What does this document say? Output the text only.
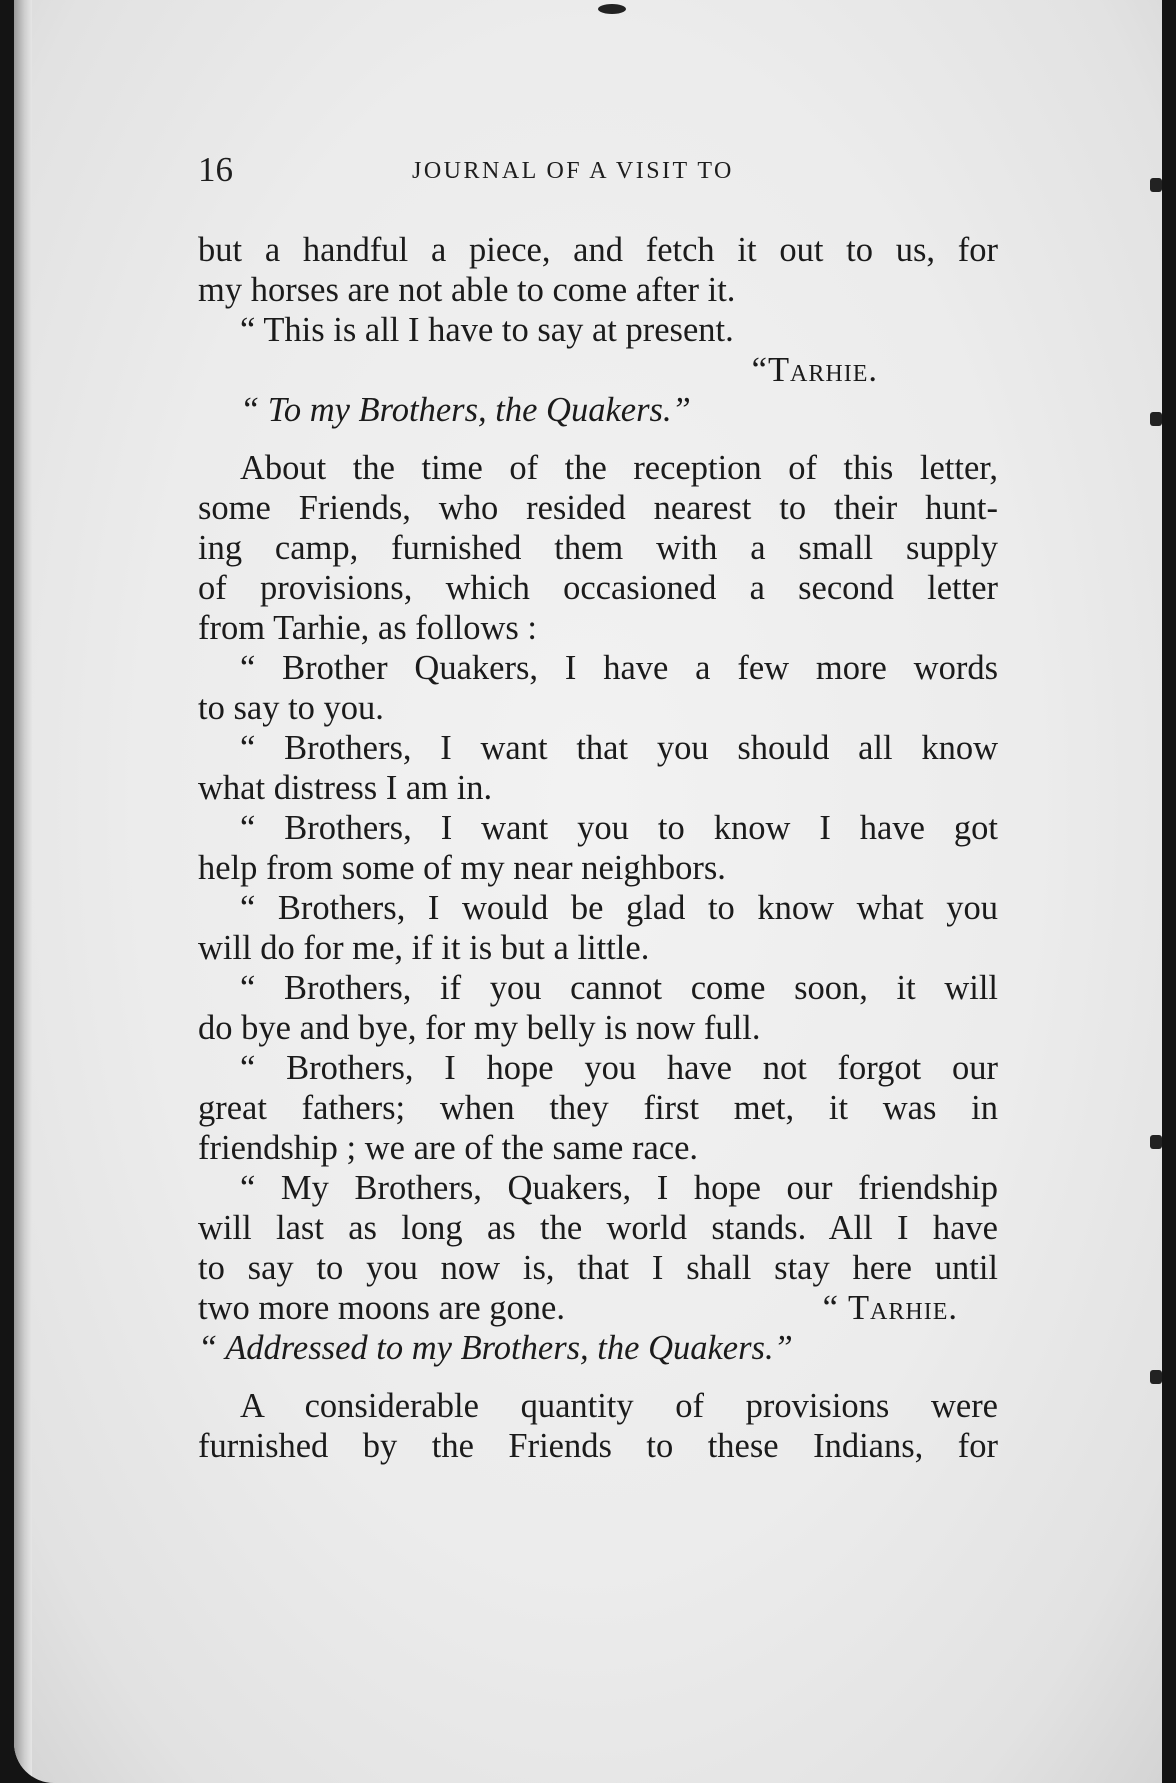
16	JOURNAL OF A VISIT TO
but a handful a piece, and fetch it out to us, for
my horses are not able to come after it.
“ This is all I have to say at present.
“Tarhie.
“ To my Brothers, the Quakers.”
About the time of the reception of this letter,
some Friends, who resided nearest to their hunt-
ing camp, furnished them with a small supply
of provisions, which occasioned a second letter
from Tarhie, as follows :
“ Brother Quakers, I have a few more words
to say to you.
“ Brothers, I want that you should all know
what distress I am in.
“ Brothers, I want you to know I have got
help from some of my near neighbors.
“ Brothers, I would be glad to know what you
will do for me, if it is but a little.
“ Brothers, if you cannot come soon, it will
do bye and bye, for my belly is now full.
“ Brothers, I hope you have not forgot our
great fathers; when they first met, it was in
friendship ; we are of the same race.
“ My Brothers, Quakers, I hope our friendship
will last as long as the world stands. All I have
to say to you now is, that I shall stay here until
two more moons are gone.	“ Tarhie.
“ Addressed to my Brothers, the Quakers.”
A considerable quantity of provisions were
furnished by the Friends to these Indians, for
